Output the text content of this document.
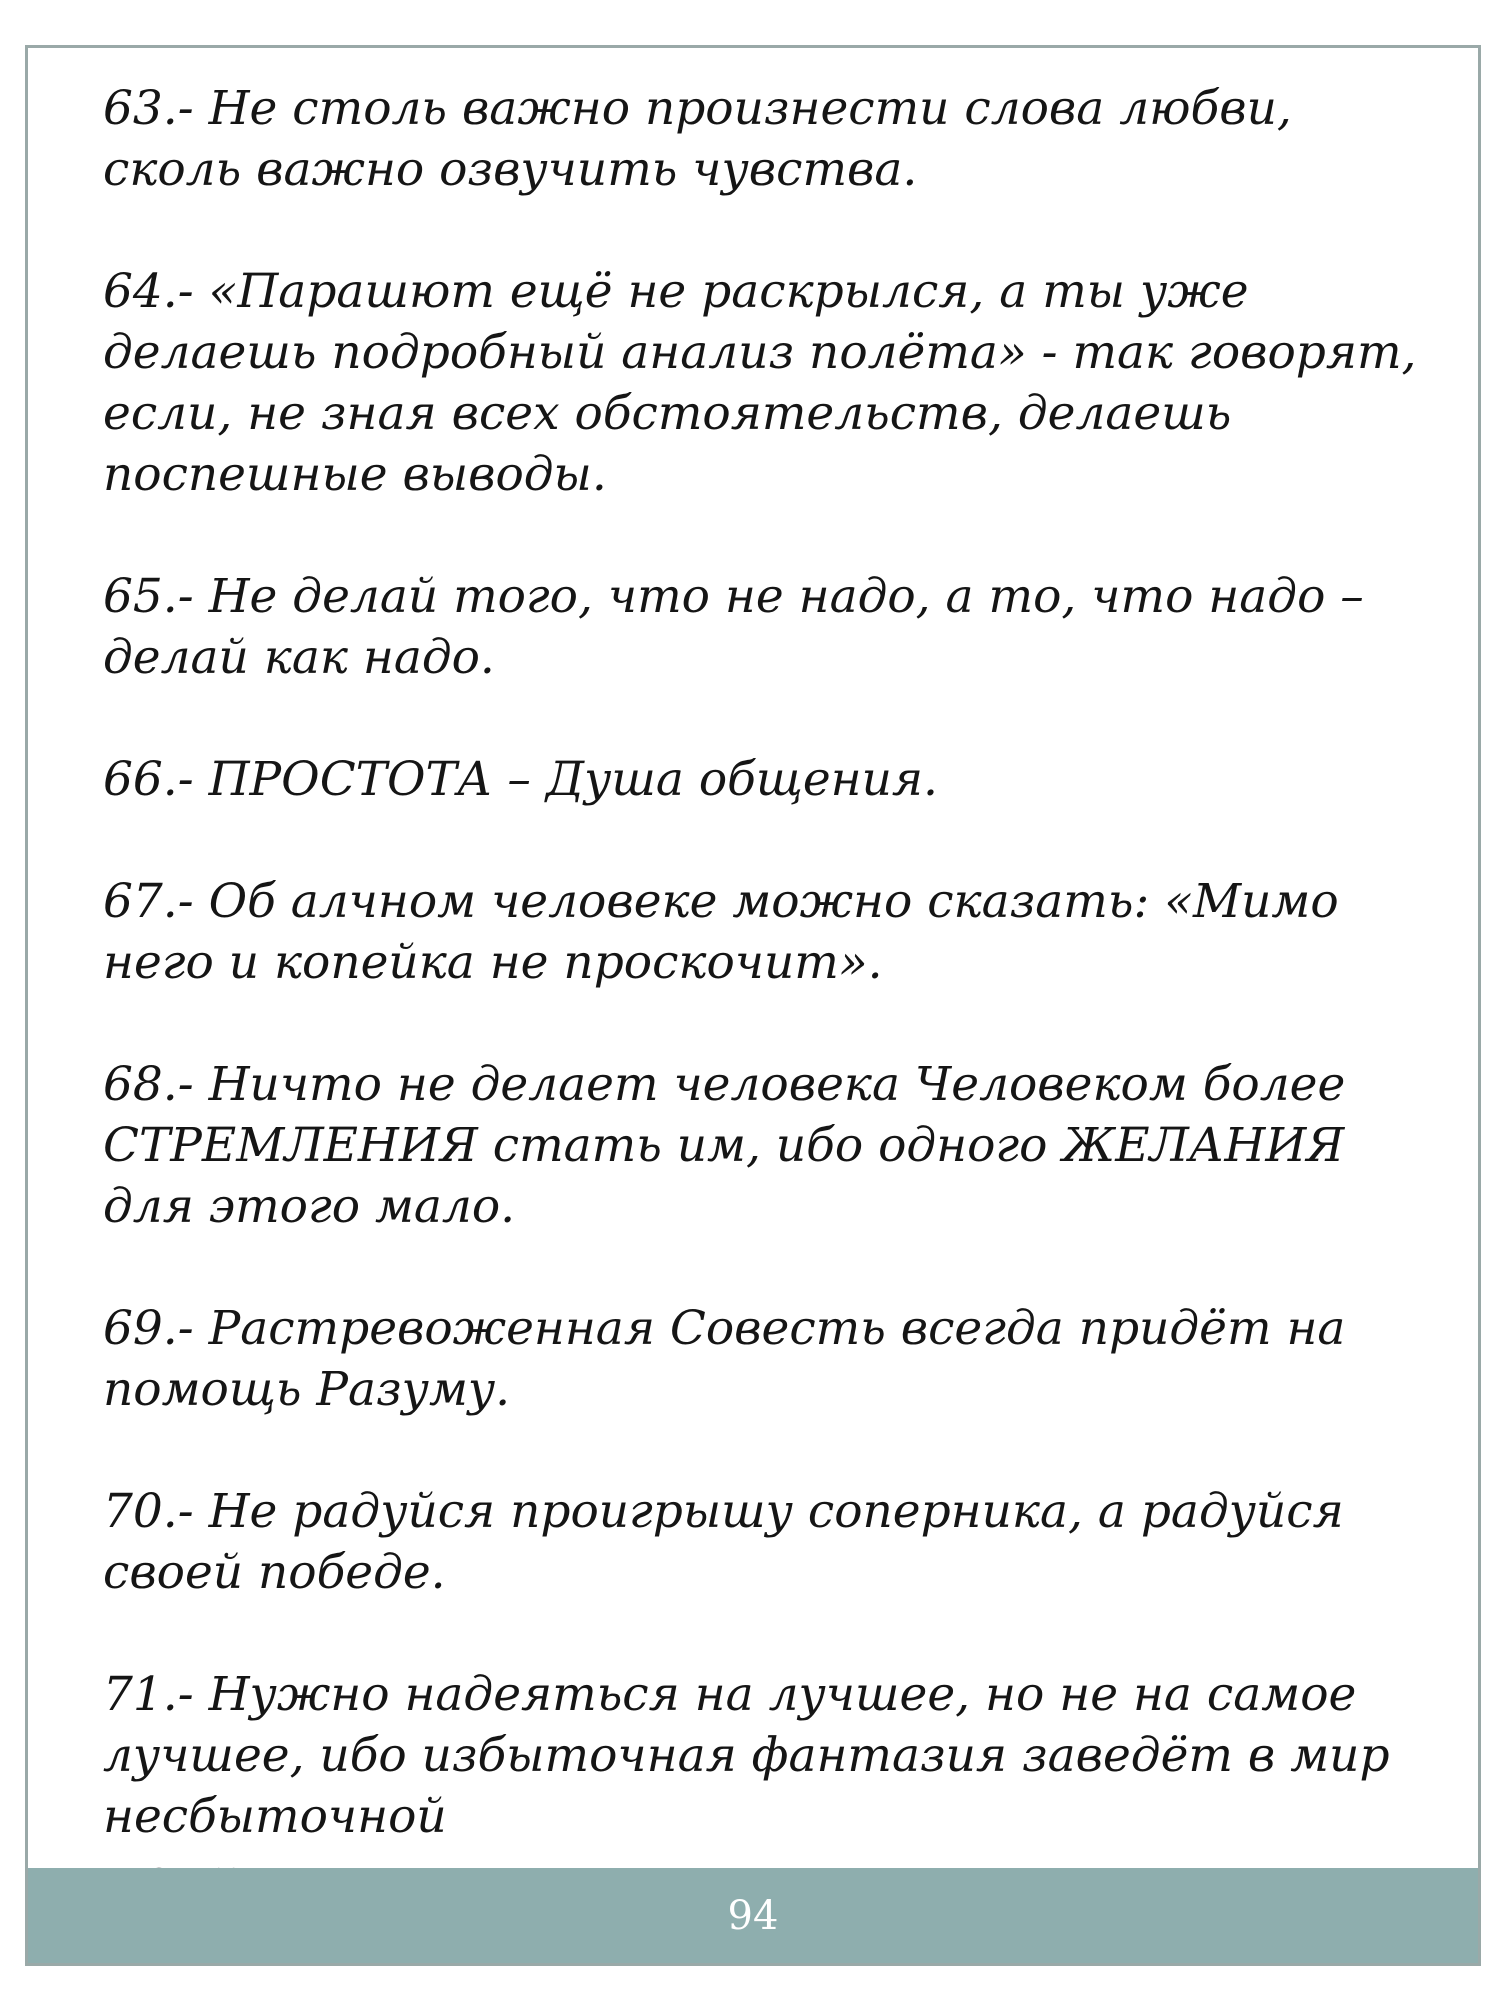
63.- Не столь важно произнести слова любви,
сколь важно озвучить чувства.

64.- «Парашют ещё не раскрылся, а ты уже
делаешь подробный анализ полёта» - так говорят,
если, не зная всех обстоятельств, делаешь
поспешные выводы.

65.- Не делай того, что не надо, а то, что надо –
делай как надо.

66.- ПРОСТОТА – Душа общения.

67.- Об алчном человеке можно сказать: «Мимо
него и копейка не проскочит».

68.- Ничто не делает человека Человеком более
СТРЕМЛЕНИЯ стать им, ибо одного ЖЕЛАНИЯ
для этого мало.

69.- Растревоженная Совесть всегда придёт на
помощь Разуму.

70.- Не радуйся проигрышу соперника, а радуйся
своей победе.

71.- Нужно надеяться на лучшее, но не на самое
лучшее, ибо избыточная фантазия заведёт в мир
несбыточной

94
